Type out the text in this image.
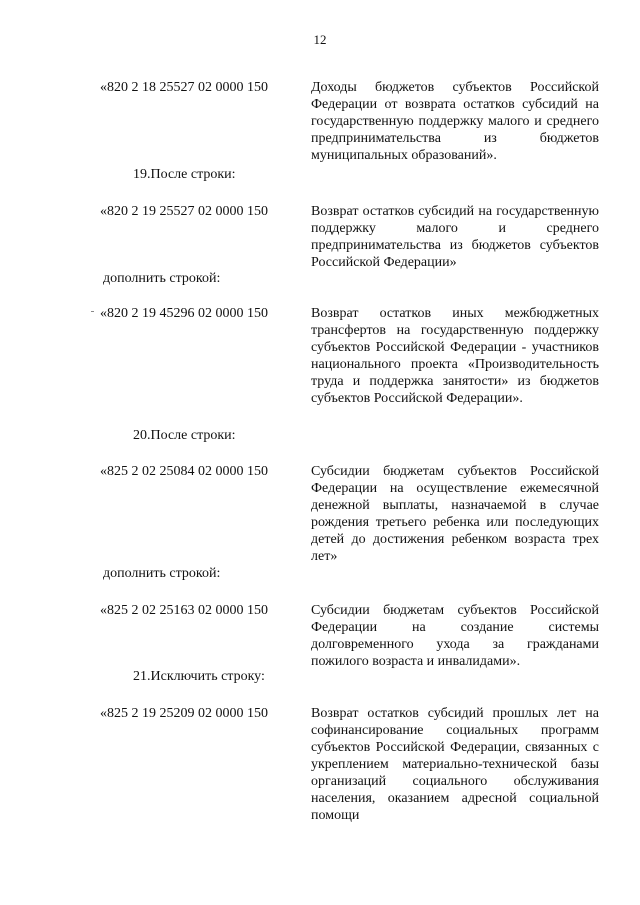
12
«820 2 18 25527 02 0000 150	Доходы бюджетов субъектов Российской Федерации от возврата остатков субсидий на государственную поддержку малого и среднего предпринимательства из бюджетов муниципальных образований».
19.После строки:
«820 2 19 25527 02 0000 150	Возврат остатков субсидий на государственную поддержку малого и среднего предпринимательства из бюджетов субъектов Российской Федерации»
дополнить строкой:
«820 2 19 45296 02 0000 150	Возврат остатков иных межбюджетных трансфертов на государственную поддержку субъектов Российской Федерации - участников национального проекта «Производительность труда и поддержка занятости» из бюджетов субъектов Российской Федерации».
20.После строки:
«825 2 02 25084 02 0000 150	Субсидии бюджетам субъектов Российской Федерации на осуществление ежемесячной денежной выплаты, назначаемой в случае рождения третьего ребенка или последующих детей до достижения ребенком возраста трех лет»
дополнить строкой:
«825 2 02 25163 02 0000 150	Субсидии бюджетам субъектов Российской Федерации на создание системы долговременного ухода за гражданами пожилого возраста и инвалидами».
21.Исключить строку:
«825 2 19 25209 02 0000 150	Возврат остатков субсидий прошлых лет на софинансирование социальных программ субъектов Российской Федерации, связанных с укреплением материально-технической базы организаций социального обслуживания населения, оказанием адресной социальной помощи
